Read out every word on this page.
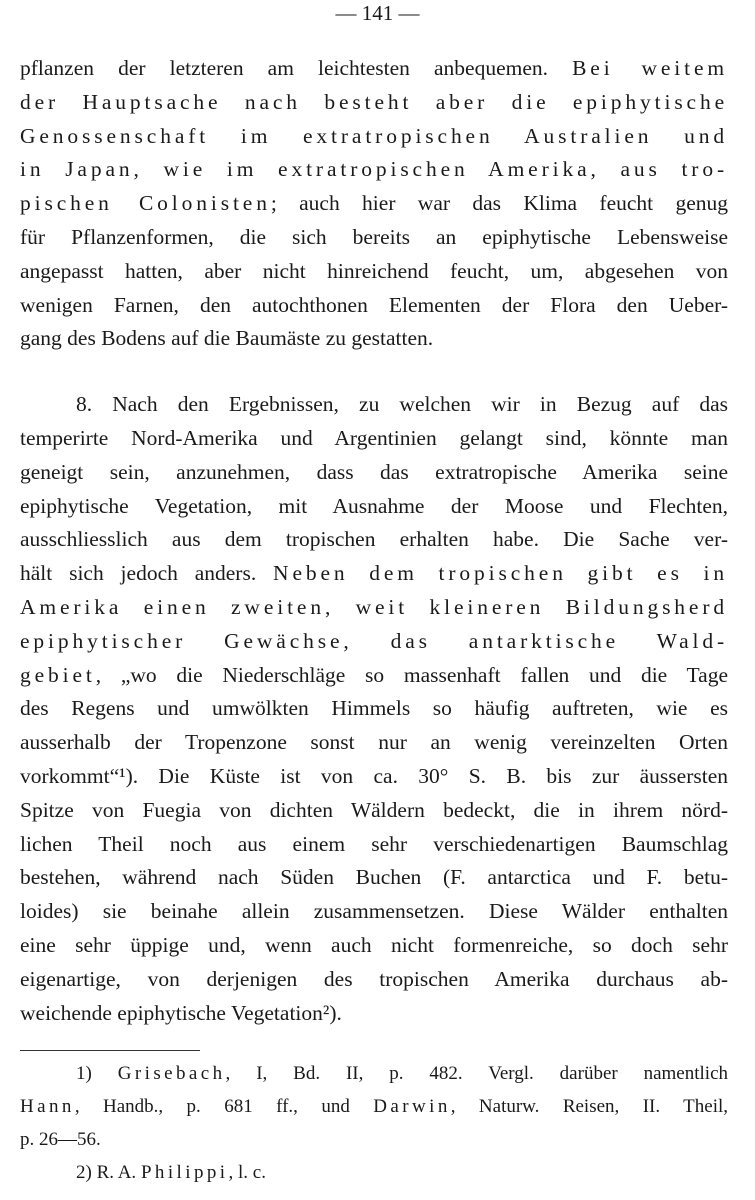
— 141 —
pflanzen der letzteren am leichtesten anbequemen. Bei weitem
der Hauptsache nach besteht aber die epiphytische
Genossenschaft im extratropischen Australien und
in Japan, wie im extratropischen Amerika, aus tro-
pischen Colonisten; auch hier war das Klima feucht genug
für Pflanzenformen, die sich bereits an epiphytische Lebensweise
angepasst hatten, aber nicht hinreichend feucht, um, abgesehen von
wenigen Farnen, den autochthonen Elementen der Flora den Ueber-
gang des Bodens auf die Baumäste zu gestatten.
8. Nach den Ergebnissen, zu welchen wir in Bezug auf das
temperirte Nord-Amerika und Argentinien gelangt sind, könnte man
geneigt sein, anzunehmen, dass das extratropische Amerika seine
epiphytische Vegetation, mit Ausnahme der Moose und Flechten,
ausschliesslich aus dem tropischen erhalten habe. Die Sache ver-
hält sich jedoch anders. Neben dem tropischen gibt es in
Amerika einen zweiten, weit kleineren Bildungsherd
epiphytischer Gewächse, das antarktische Wald-
gebiet, „wo die Niederschläge so massenhaft fallen und die Tage
des Regens und umwölkten Himmels so häufig auftreten, wie es
ausserhalb der Tropenzone sonst nur an wenig vereinzelten Orten
vorkommt“¹). Die Küste ist von ca. 30° S. B. bis zur äussersten
Spitze von Fuegia von dichten Wäldern bedeckt, die in ihrem nörd-
lichen Theil noch aus einem sehr verschiedenartigen Baumschlag
bestehen, während nach Süden Buchen (F. antarctica und F. betu-
loides) sie beinahe allein zusammensetzen. Diese Wälder enthalten
eine sehr üppige und, wenn auch nicht formenreiche, so doch sehr
eigenartige, von derjenigen des tropischen Amerika durchaus ab-
weichende epiphytische Vegetation²).
1) Grisebach, I, Bd. II, p. 482. Vergl. darüber namentlich
Hann, Handb., p. 681 ff., und Darwin, Naturw. Reisen, II. Theil,
p. 26—56.
2) R. A. Philippi, l. c.
